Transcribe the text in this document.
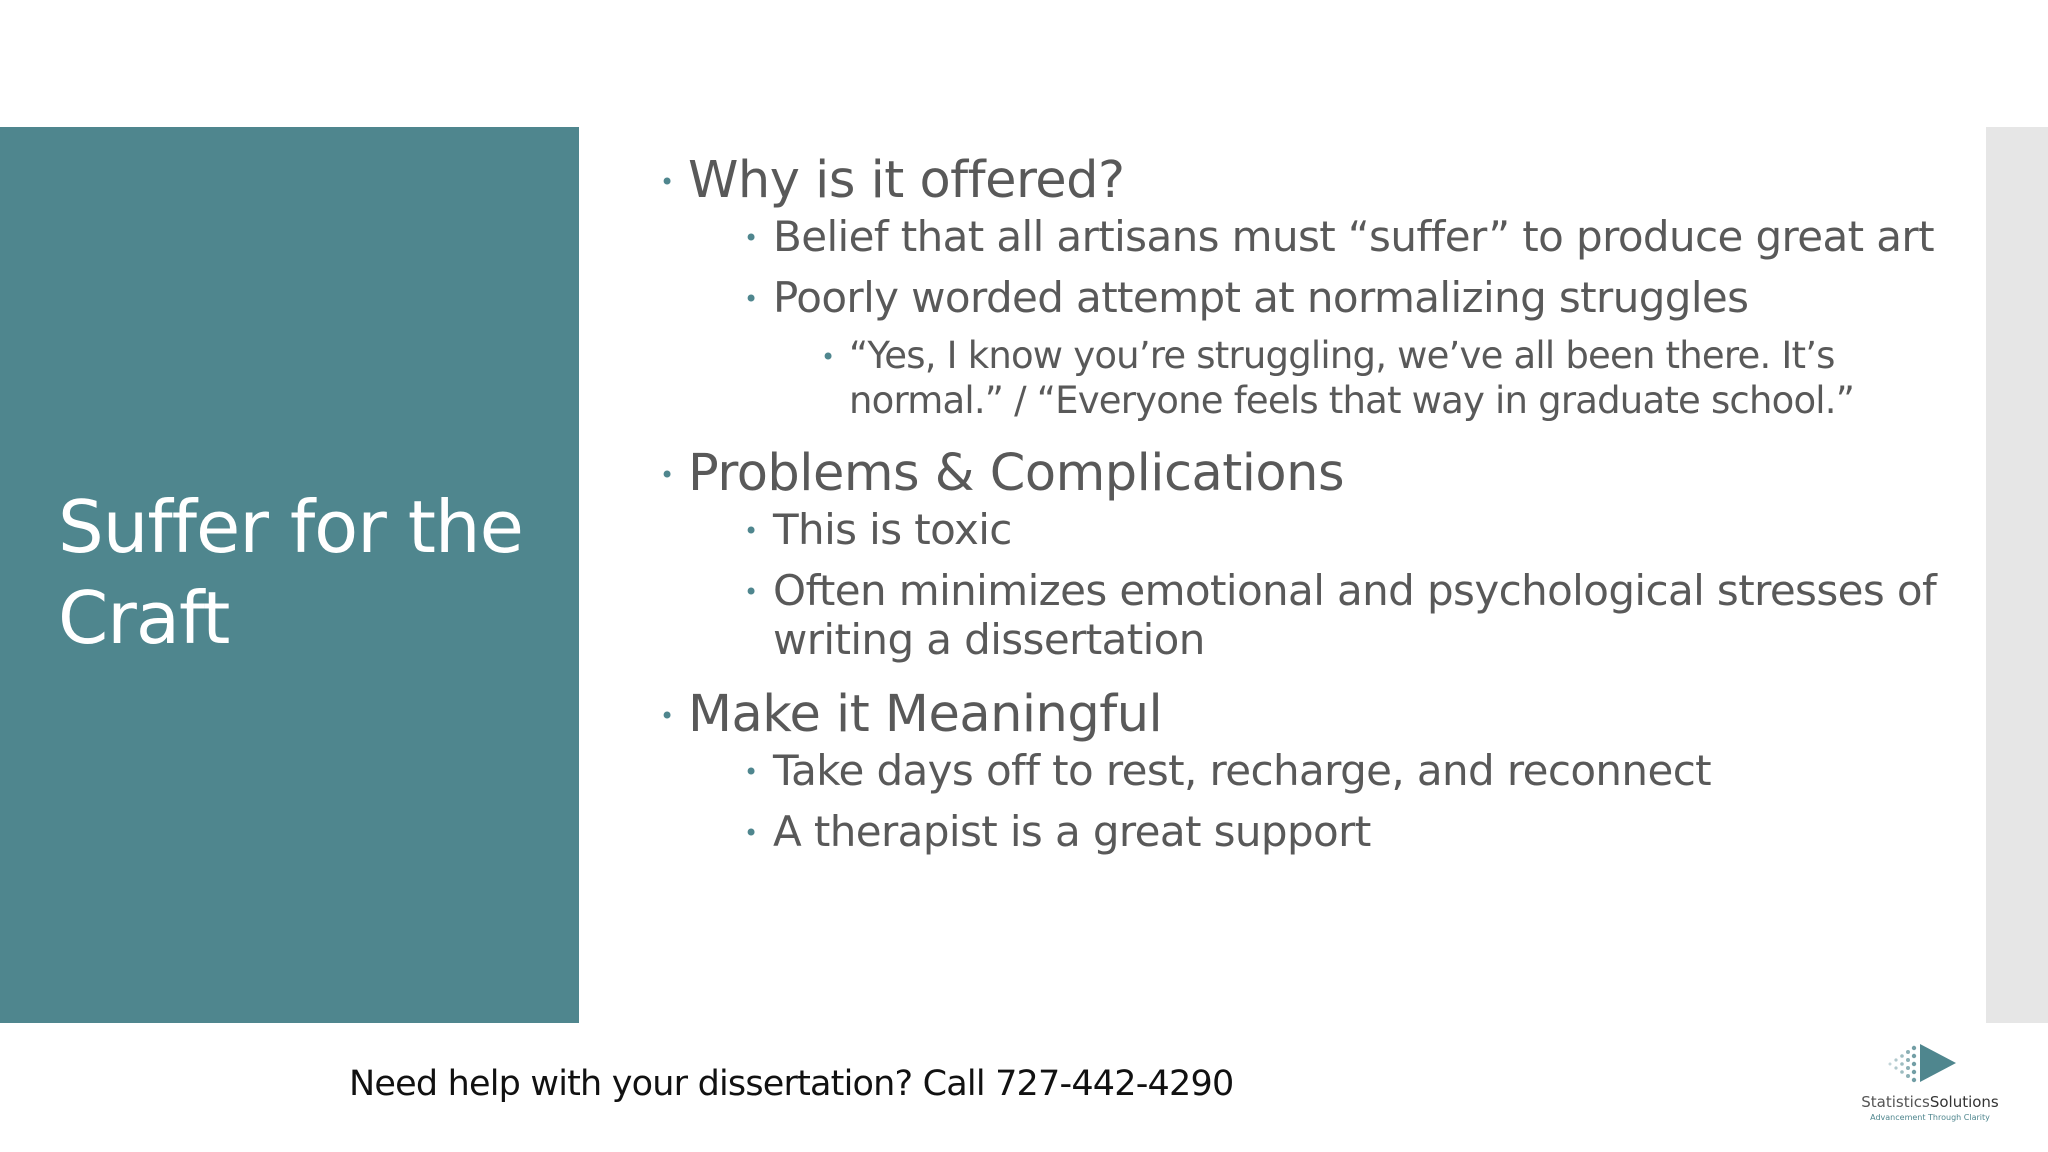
Suffer for the Craft
• Why is it offered?
• Belief that all artisans must “suffer” to produce great art
• Poorly worded attempt at normalizing struggles
• “Yes, I know you’re struggling, we’ve all been there. It’s normal.” / “Everyone feels that way in graduate school.”
• Problems & Complications
• This is toxic
• Often minimizes emotional and psychological stresses of writing a dissertation
• Make it Meaningful
• Take days off to rest, recharge, and reconnect
• A therapist is a great support
Need help with your dissertation? Call 727-442-4290	StatisticsSolutions
Advancement Through Clarity
